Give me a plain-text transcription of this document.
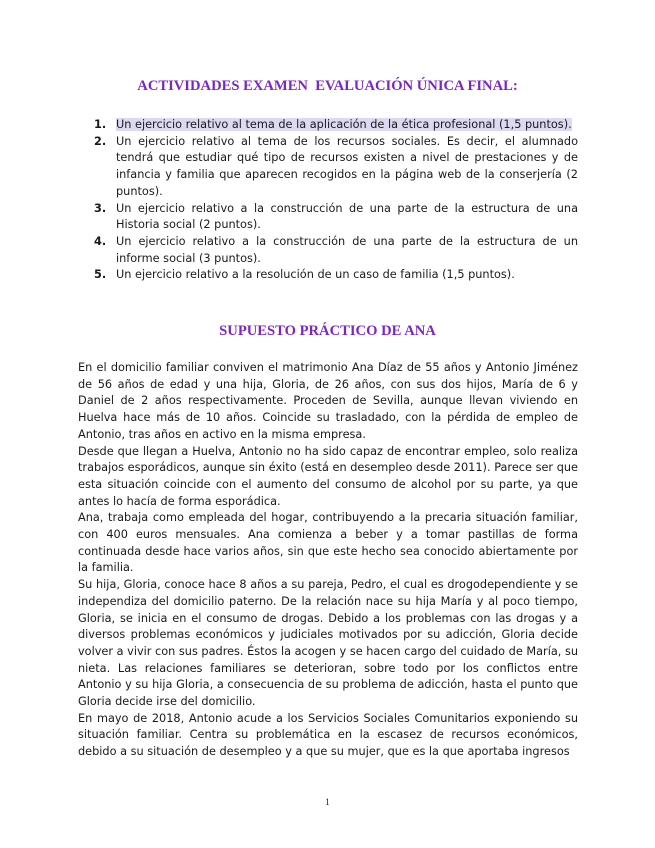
ACTIVIDADES EXAMEN  EVALUACIÓN ÚNICA FINAL:
1. Un ejercicio relativo al tema de la aplicación de la ética profesional (1,5 puntos).
2. Un ejercicio relativo al tema de los recursos sociales. Es decir, el alumnado tendrá que estudiar qué tipo de recursos existen a nivel de prestaciones y de infancia y familia que aparecen recogidos en la página web de la conserjería (2 puntos).
3. Un ejercicio relativo a la construcción de una parte de la estructura de una Historia social (2 puntos).
4. Un ejercicio relativo a la construcción de una parte de la estructura de un informe social (3 puntos).
5. Un ejercicio relativo a la resolución de un caso de familia (1,5 puntos).
SUPUESTO PRÁCTICO DE ANA

En el domicilio familiar conviven el matrimonio Ana Díaz de 55 años y Antonio Jiménez de 56 años de edad y una hija, Gloria, de 26 años, con sus dos hijos, María de 6 y Daniel de 2 años respectivamente. Proceden de Sevilla, aunque llevan viviendo en Huelva hace más de 10 años. Coincide su trasladado, con la pérdida de empleo de Antonio, tras años en activo en la misma empresa.

Desde que llegan a Huelva, Antonio no ha sido capaz de encontrar empleo, solo realiza trabajos esporádicos, aunque sin éxito (está en desempleo desde 2011). Parece ser que esta situación coincide con el aumento del consumo de alcohol por su parte, ya que antes lo hacía de forma esporádica.

Ana, trabaja como empleada del hogar, contribuyendo a la precaria situación familiar, con 400 euros mensuales. Ana comienza a beber y a tomar pastillas de forma continuada desde hace varios años, sin que este hecho sea conocido abiertamente por la familia.

Su hija, Gloria, conoce hace 8 años a su pareja, Pedro, el cual es drogodependiente y se independiza del domicilio paterno. De la relación nace su hija María y al poco tiempo, Gloria, se inicia en el consumo de drogas. Debido a los problemas con las drogas y a diversos problemas económicos y judiciales motivados por su adicción, Gloria decide volver a vivir con sus padres. Éstos la acogen y se hacen cargo del cuidado de María, su nieta. Las relaciones familiares se deterioran, sobre todo por los conflictos entre Antonio y su hija Gloria, a consecuencia de su problema de adicción, hasta el punto que Gloria decide irse del domicilio.

En mayo de 2018, Antonio acude a los Servicios Sociales Comunitarios exponiendo su situación familiar. Centra su problemática en la escasez de recursos económicos, debido a su situación de desempleo y a que su mujer, que es la que aportaba ingresos

1
